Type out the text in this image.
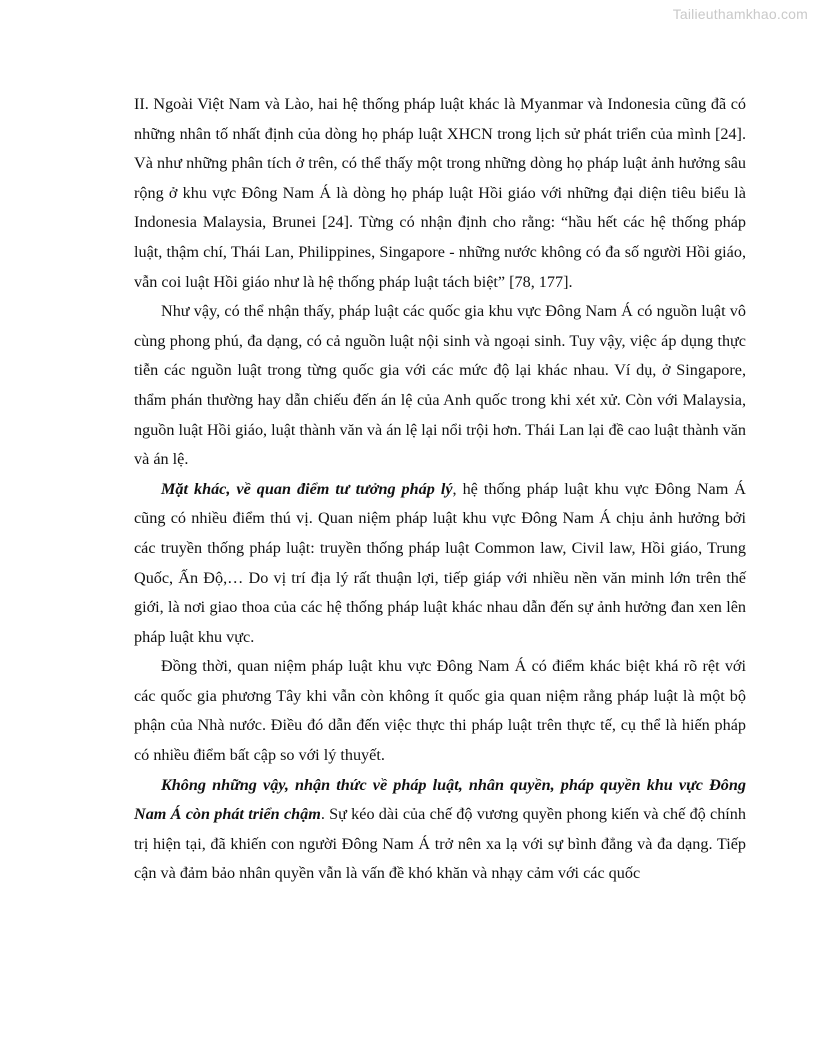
Tailieuthamkhao.com

II. Ngoài Việt Nam và Lào, hai hệ thống pháp luật khác là Myanmar và Indonesia cũng đã có những nhân tố nhất định của dòng họ pháp luật XHCN trong lịch sử phát triển của mình [24]. Và như những phân tích ở trên, có thể thấy một trong những dòng họ pháp luật ảnh hưởng sâu rộng ở khu vực Đông Nam Á là dòng họ pháp luật Hồi giáo với những đại diện tiêu biểu là Indonesia Malaysia, Brunei [24]. Từng có nhận định cho rằng: “hầu hết các hệ thống pháp luật, thậm chí, Thái Lan, Philippines, Singapore - những nước không có đa số người Hồi giáo, vẫn coi luật Hồi giáo như là hệ thống pháp luật tách biệt” [78, 177].

Như vậy, có thể nhận thấy, pháp luật các quốc gia khu vực Đông Nam Á có nguồn luật vô cùng phong phú, đa dạng, có cả nguồn luật nội sinh và ngoại sinh. Tuy vậy, việc áp dụng thực tiễn các nguồn luật trong từng quốc gia với các mức độ lại khác nhau. Ví dụ, ở Singapore, thẩm phán thường hay dẫn chiếu đến án lệ của Anh quốc trong khi xét xử. Còn với Malaysia, nguồn luật Hồi giáo, luật thành văn và án lệ lại nổi trội hơn. Thái Lan lại đề cao luật thành văn và án lệ.

Mặt khác, về quan điểm tư tưởng pháp lý, hệ thống pháp luật khu vực Đông Nam Á cũng có nhiều điểm thú vị. Quan niệm pháp luật khu vực Đông Nam Á chịu ảnh hưởng bởi các truyền thống pháp luật: truyền thống pháp luật Common law, Civil law, Hồi giáo, Trung Quốc, Ấn Độ,… Do vị trí địa lý rất thuận lợi, tiếp giáp với nhiều nền văn minh lớn trên thế giới, là nơi giao thoa của các hệ thống pháp luật khác nhau dẫn đến sự ảnh hưởng đan xen lên pháp luật khu vực.

Đồng thời, quan niệm pháp luật khu vực Đông Nam Á có điểm khác biệt khá rõ rệt với các quốc gia phương Tây khi vẫn còn không ít quốc gia quan niệm rằng pháp luật là một bộ phận của Nhà nước. Điều đó dẫn đến việc thực thi pháp luật trên thực tế, cụ thể là hiến pháp có nhiều điểm bất cập so với lý thuyết.

Không những vậy, nhận thức về pháp luật, nhân quyền, pháp quyền khu vực Đông Nam Á còn phát triển chậm. Sự kéo dài của chế độ vương quyền phong kiến và chế độ chính trị hiện tại, đã khiến con người Đông Nam Á trở nên xa lạ với sự bình đẳng và đa dạng. Tiếp cận và đảm bảo nhân quyền vẫn là vấn đề khó khăn và nhạy cảm với các quốc
